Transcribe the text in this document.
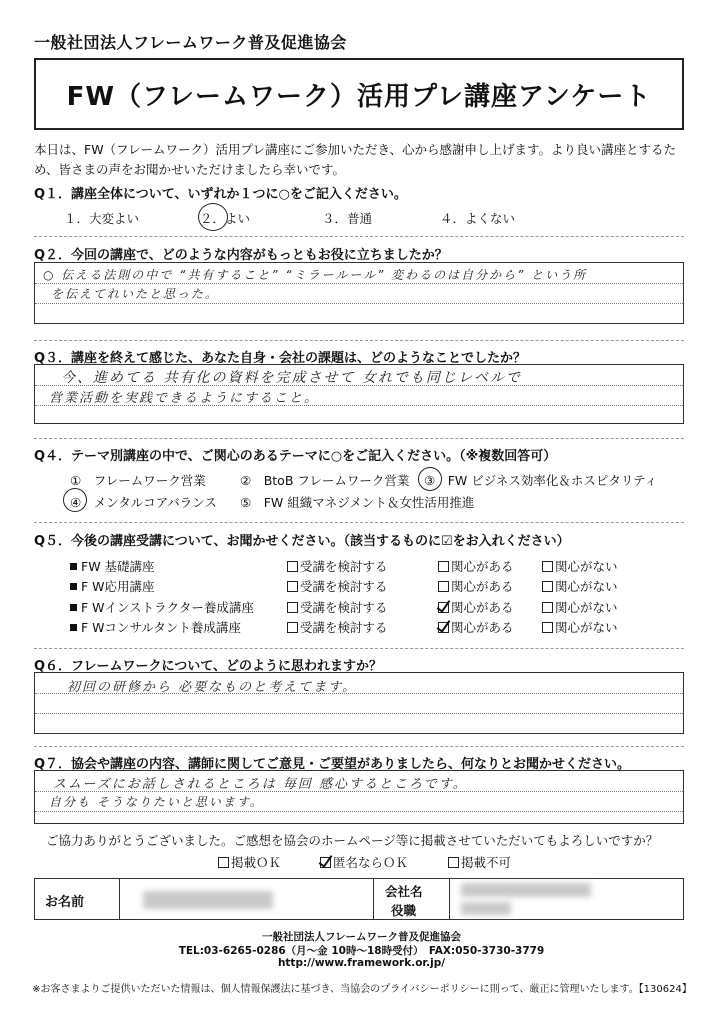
一般社団法人フレームワーク普及促進協会
FW（フレームワーク）活用プレ講座アンケート
本日は、FW（フレームワーク）活用プレ講座にご参加いただき、心から感謝申し上げます。より良い講座とするた
め、皆さまの声をお聞かせいただけましたら幸いです。
Q１．講座全体について、いずれか１つに○をご記入ください。
１．大変よい	２．よい	３．普通	４．よくない
Q２．今回の講座で、どのような内容がもっともお役に立ちましたか？
○ 伝える法則の中で “共有すること” “ミラールール” 変わるのは自分から” という所
を伝えてれいたと思った。
Q３．講座を終えて感じた、あなた自身・会社の課題は、どのようなことでしたか？
今、進めてる 共有化の資料を完成させて 女れでも同じレベルで
営業活動を実践できるようにすること。
Q４．テーマ別講座の中で、ご関心のあるテーマに○をご記入ください。（※複数回答可）
①　フレームワーク営業	②　BtoB フレームワーク営業 ③　FW ビジネス効率化＆ホスピタリティ
④　メンタルコアバランス ⑤　FW 組織マネジメント＆女性活用推進
Q５．今後の講座受講について、お聞かせください。（該当するものに☑をお入れください）
FW 基礎講座	受講を検討する	関心がある	関心がない
F W応用講座	受講を検討する	関心がある	関心がない
F Wインストラクター養成講座	受講を検討する	関心がある	関心がない
F Wコンサルタント養成講座	受講を検討する	関心がある	関心がない
Q６．フレームワークについて、どのように思われますか？
初回の研修から 必要なものと考えてます。
Q７．協会や講座の内容、講師に関してご意見・ご要望がありましたら、何なりとお聞かせください。
スムーズにお話しされるところは 毎回 感心するところです。
自分も そうなりたいと思います。
ご協力ありがとうございました。ご感想を協会のホームページ等に掲載させていただいてもよろしいですか？
掲載ＯＫ	匿名ならＯＫ	掲載不可
お名前
会社名
役職
一般社団法人フレームワーク普及促進協会
TEL:03-6265-0286（月～金 10時～18時受付）　FAX:050-3730-3779
http://www.framework.or.jp/
※お客さまよりご提供いただいた情報は、個人情報保護法に基づき、当協会のプライバシーポリシーに則って、厳正に管理いたします。【130624】
